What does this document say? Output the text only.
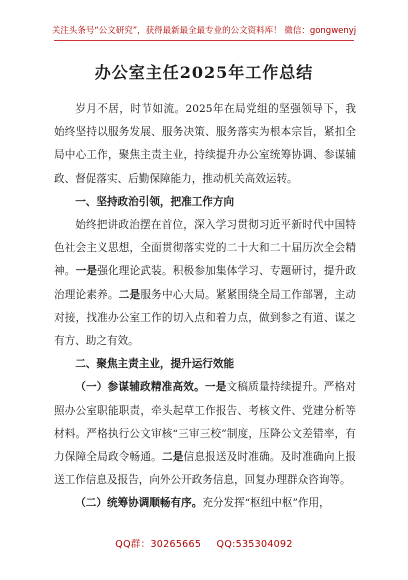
关注头条号“公文研究”，获得最新最全最专业的公文资料库！ 微信：gongwenyj
办公室主任2025年工作总结

岁月不居，时节如流。2025年在局党组的坚强领导下，我始终坚持以服务发展、服务决策、服务落实为根本宗旨，紧扣全局中心工作，聚焦主责主业，持续提升办公室统筹协调、参谋辅政、督促落实、后勤保障能力，推动机关高效运转。

一、坚持政治引领，把准工作方向

始终把讲政治摆在首位，深入学习贯彻习近平新时代中国特色社会主义思想，全面贯彻落实党的二十大和二十届历次全会精神。一是强化理论武装。积极参加集体学习、专题研讨，提升政治理论素养。二是服务中心大局。紧紧围绕全局工作部署，主动对接，找准办公室工作的切入点和着力点，做到参之有道、谋之有方、助之有效。

二、聚焦主责主业，提升运行效能

（一）参谋辅政精准高效。一是文稿质量持续提升。严格对照办公室职能职责，牵头起草工作报告、考核文件、党建分析等材料。严格执行公文审核“三审三校”制度，压降公文差错率，有力保障全局政令畅通。二是信息报送及时准确。及时准确向上报送工作信息及报告，向外公开政务信息，回复办理群众咨询等。

（二）统筹协调顺畅有序。充分发挥“枢纽中枢”作用，

QQ群：30265665 QQ:535304092
